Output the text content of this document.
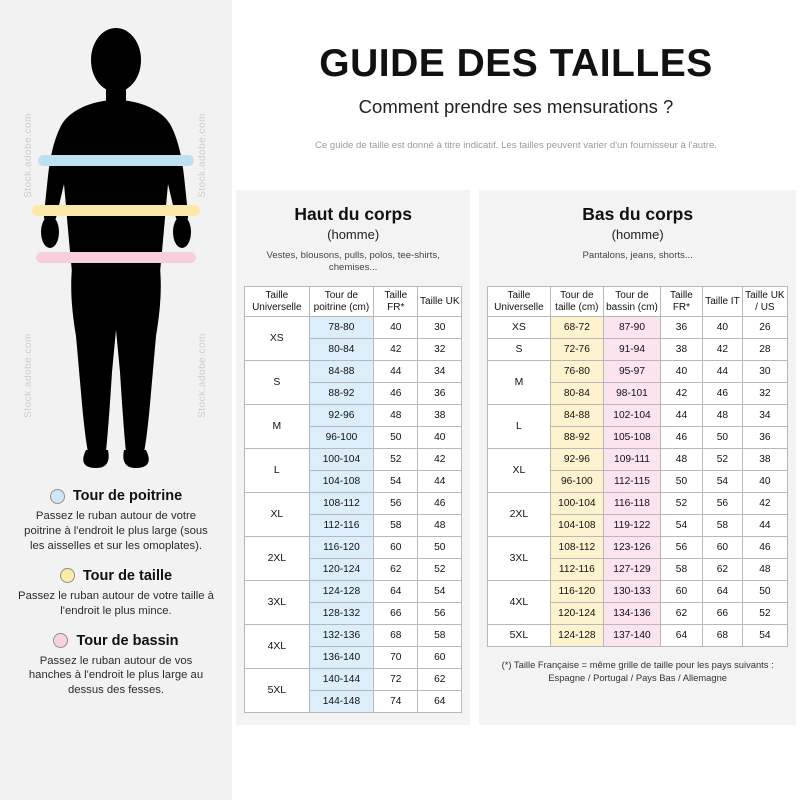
Stock.adobe.com	Stock.adobe.com
Stock.adobe.com	Stock.adobe.com
Tour de poitrine
Passez le ruban autour de votre poitrine à l'endroit le plus large (sous les aisselles et sur les omoplates).
Tour de taille
Passez le ruban autour de votre taille à l'endroit le plus mince.
Tour de bassin
Passez le ruban autour de vos hanches à l'endroit le plus large au dessus des fesses.
GUIDE DES TAILLES
Comment prendre ses mensurations ?
Ce guide de taille est donné à titre indicatif. Les tailles peuvent varier d'un fournisseur à l'autre.
Haut du corps
(homme)
Vestes, blousons, pulls, polos, tee-shirts, chemises...
Taille Universelle	Tour de poitrine (cm)	Taille FR*	Taille UK
XS	78-80	40	30
	80-84	42	32
S	84-88	44	34
	88-92	46	36
M	92-96	48	38
	96-100	50	40
L	100-104	52	42
	104-108	54	44
XL	108-112	56	46
	112-116	58	48
2XL	116-120	60	50
	120-124	62	52
3XL	124-128	64	54
	128-132	66	56
4XL	132-136	68	58
	136-140	70	60
5XL	140-144	72	62
	144-148	74	64
Bas du corps
(homme)
Pantalons, jeans, shorts...
Taille Universelle	Tour de taille (cm)	Tour de bassin (cm)	Taille FR*	Taille IT	Taille UK / US
XS	68-72	87-90	36	40	26
S	72-76	91-94	38	42	28
M	76-80	95-97	40	44	30
	80-84	98-101	42	46	32
L	84-88	102-104	44	48	34
	88-92	105-108	46	50	36
XL	92-96	109-111	48	52	38
	96-100	112-115	50	54	40
2XL	100-104	116-118	52	56	42
	104-108	119-122	54	58	44
3XL	108-112	123-126	56	60	46
	112-116	127-129	58	62	48
4XL	116-120	130-133	60	64	50
	120-124	134-136	62	66	52
5XL	124-128	137-140	64	68	54
(*) Taille Française = même grille de taille pour les pays suivants : Espagne / Portugal / Pays Bas / Allemagne
